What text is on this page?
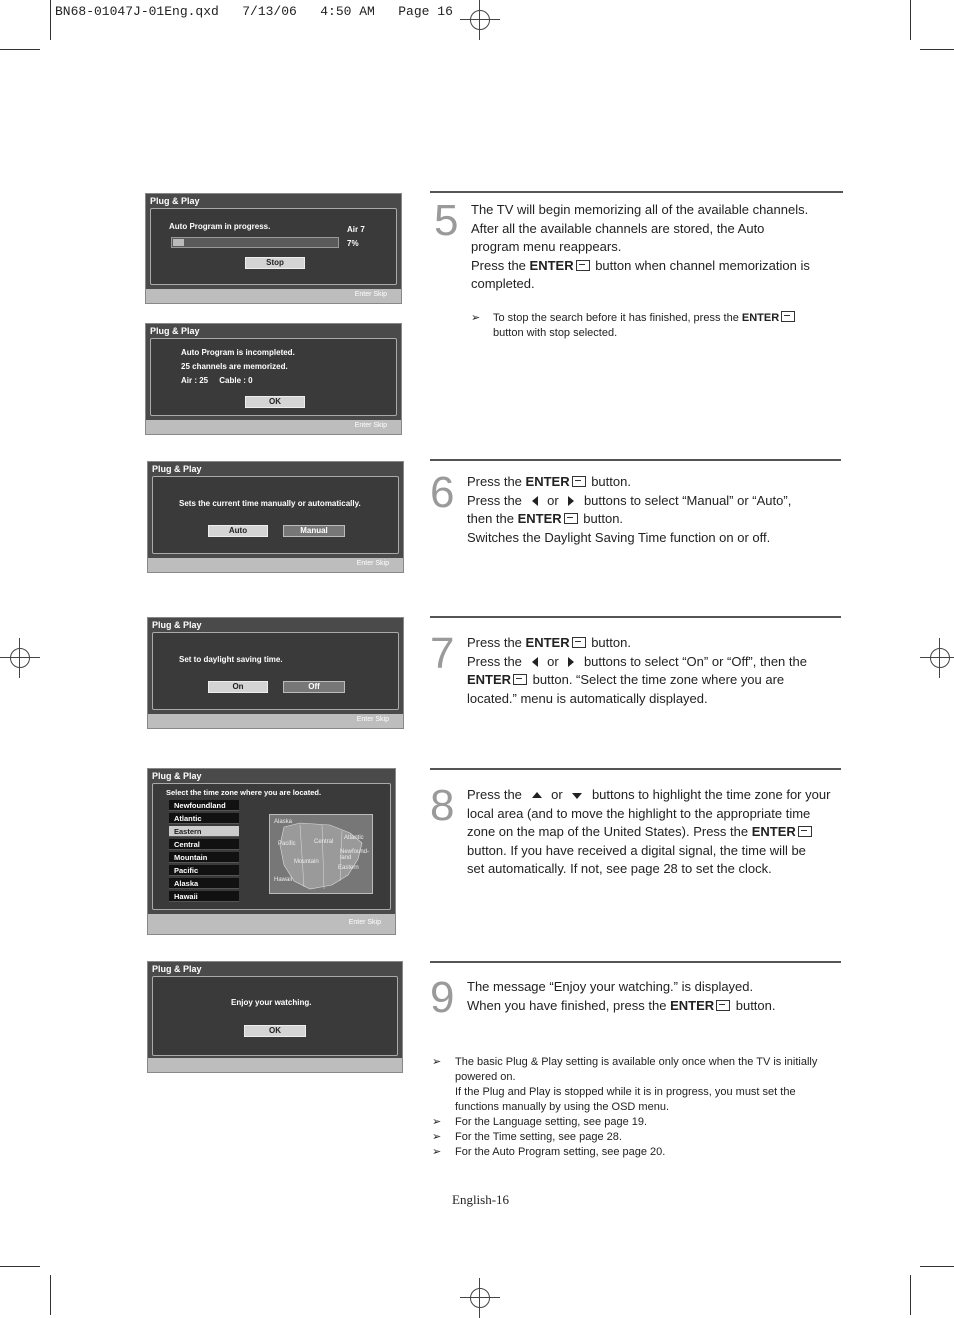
BN68-01047J-01Eng.qxd   7/13/06   4:50 AM   Page 16
Plug & Play
Auto Program in progress.	Air 7
7%
Stop
Enter Skip
Plug & Play
Auto Program is incompleted.
25 channels are memorized.
Air : 25     Cable : 0
OK
Enter Skip
Plug & Play
Sets the current time manually or automatically.
Auto	Manual
Enter Skip
Plug & Play
Set to daylight saving time.
On	Off
Enter Skip
Plug & Play
Select the time zone where you are located.
Newfoundland
Atlantic
Eastern
Central
Mountain
Pacific
Alaska
Hawaii
Alaska
Pacific	Central
Atlantic
Newfound-land
Mountain
Eastern
Hawaii
Enter Skip
Plug & Play
Enjoy your watching.
OK
5 The TV will begin memorizing all of the available channels.
After all the available channels are stored, the Auto
program menu reappears.
Press the ENTER button when channel memorization is
completed.
➢ To stop the search before it has finished, press the ENTER
button with stop selected.
6 Press the ENTER button.
Press the  or  buttons to select “Manual” or “Auto”,
then the ENTER button.
Switches the Daylight Saving Time function on or off.
7 Press the ENTER button.
Press the  or  buttons to select “On” or “Off”, then the
ENTER button. “Select the time zone where you are
located.” menu is automatically displayed.
8 Press the  or  buttons to highlight the time zone for your
local area (and to move the highlight to the appropriate time
zone on the map of the United States). Press the ENTER
button. If you have received a digital signal, the time will be
set automatically. If not, see page 28 to set the clock.
9 The message “Enjoy your watching.” is displayed.
When you have finished, press the ENTER button.
➢
➢
➢
➢
The basic Plug & Play setting is available only once when the TV is initially
powered on.
If the Plug and Play is stopped while it is in progress, you must set the
functions manually by using the OSD menu.
For the Language setting, see page 19.
For the Time setting, see page 28.
For the Auto Program setting, see page 20.
English-16
